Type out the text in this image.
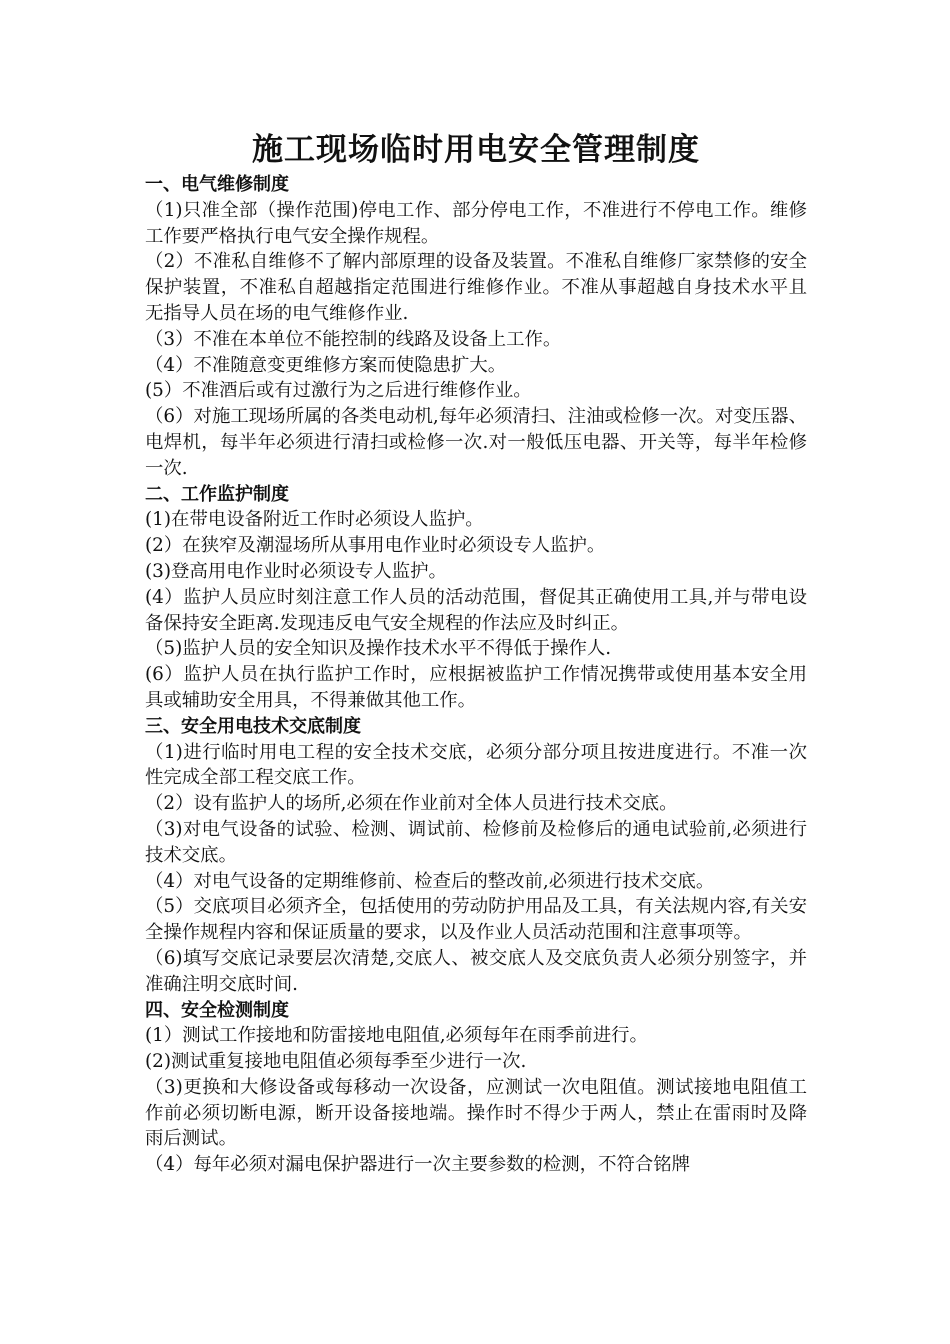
施工现场临时用电安全管理制度
一、电气维修制度

（1)只准全部（操作范围)停电工作、部分停电工作，不准进行不停电工作。维修工作要严格执行电气安全操作规程。

（2）不准私自维修不了解内部原理的设备及装置。不准私自维修厂家禁修的安全保护装置，不准私自超越指定范围进行维修作业。不准从事超越自身技术水平且无指导人员在场的电气维修作业.

（3）不准在本单位不能控制的线路及设备上工作。

（4）不准随意变更维修方案而使隐患扩大。

(5）不准酒后或有过激行为之后进行维修作业。

（6）对施工现场所属的各类电动机,每年必须清扫、注油或检修一次。对变压器、电焊机，每半年必须进行清扫或检修一次.对一般低压电器、开关等，每半年检修一次.

二、工作监护制度

(1)在带电设备附近工作时必须设人监护。

(2）在狭窄及潮湿场所从事用电作业时必须设专人监护。

(3)登高用电作业时必须设专人监护。

(4）监护人员应时刻注意工作人员的活动范围，督促其正确使用工具,并与带电设备保持安全距离.发现违反电气安全规程的作法应及时纠正。

（5)监护人员的安全知识及操作技术水平不得低于操作人.

(6）监护人员在执行监护工作时，应根据被监护工作情况携带或使用基本安全用具或辅助安全用具，不得兼做其他工作。

三、安全用电技术交底制度

（1)进行临时用电工程的安全技术交底，必须分部分项且按进度进行。不准一次性完成全部工程交底工作。

（2）设有监护人的场所,必须在作业前对全体人员进行技术交底。

（3)对电气设备的试验、检测、调试前、检修前及检修后的通电试验前,必须进行技术交底。

（4）对电气设备的定期维修前、检查后的整改前,必须进行技术交底。

（5）交底项目必须齐全，包括使用的劳动防护用品及工具，有关法规内容,有关安全操作规程内容和保证质量的要求，以及作业人员活动范围和注意事项等。

（6)填写交底记录要层次清楚,交底人、被交底人及交底负责人必须分别签字，并准确注明交底时间.

四、安全检测制度

(1）测试工作接地和防雷接地电阻值,必须每年在雨季前进行。

(2)测试重复接地电阻值必须每季至少进行一次.

（3)更换和大修设备或每移动一次设备，应测试一次电阻值。测试接地电阻值工作前必须切断电源，断开设备接地端。操作时不得少于两人，禁止在雷雨时及降雨后测试。

（4）每年必须对漏电保护器进行一次主要参数的检测，不符合铭牌
